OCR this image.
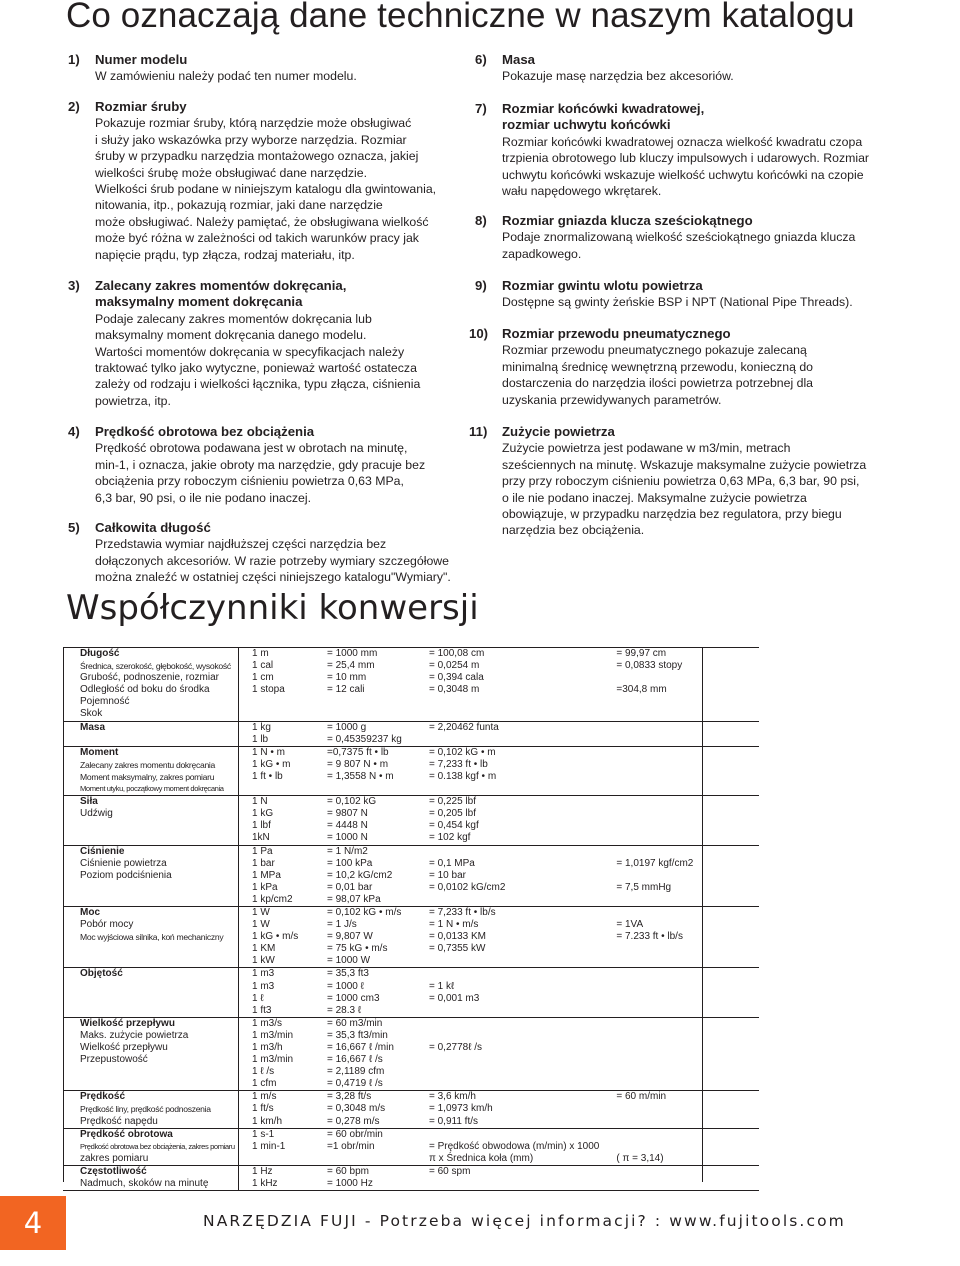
Co oznaczają dane techniczne w naszym katalogu
1) Numer modelu

W zamówieniu należy podać ten numer modelu.

2) Rozmiar śruby

Pokazuje rozmiar śruby, którą narzędzie może obsługiwać

i służy jako wskazówka przy wyborze narzędzia. Rozmiar

śruby w przypadku narzędzia montażowego oznacza, jakiej

wielkości śrubę może obsługiwać dane narzędzie.

Wielkości śrub podane w niniejszym katalogu dla gwintowania,

nitowania, itp., pokazują rozmiar, jaki dane narzędzie

może obsługiwać. Należy pamiętać, że obsługiwana wielkość

może być różna w zależności od takich warunków pracy jak

napięcie prądu, typ złącza, rodzaj materiału, itp.

3) Zalecany zakres momentów dokręcania,
maksymalny moment dokręcania

Podaje zalecany zakres momentów dokręcania lub

maksymalny moment dokręcania danego modelu.

Wartości momentów dokręcania w specyfikacjach należy

traktować tylko jako wytyczne, ponieważ wartość ostatecza

zależy od rodzaju i wielkości łącznika, typu złącza, ciśnienia

powietrza, itp.

4) Prędkość obrotowa bez obciążenia

Prędkość obrotowa podawana jest w obrotach na minutę,

min-1, i oznacza, jakie obroty ma narzędzie, gdy pracuje bez

obciążenia przy roboczym ciśnieniu powietrza 0,63 MPa,

6,3 bar, 90 psi, o ile nie podano inaczej.

5) Całkowita długość

Przedstawia wymiar najdłuższej części narzędzia bez

dołączonych akcesoriów. W razie potrzeby wymiary szczegółowe

można znaleźć w ostatniej części niniejszego katalogu"Wymiary".

6) Masa

Pokazuje masę narzędzia bez akcesoriów.

7) Rozmiar końcówki kwadratowej,
rozmiar uchwytu końcówki

Rozmiar końcówki kwadratowej oznacza wielkość kwadratu czopa

trzpienia obrotowego lub kluczy impulsowych i udarowych. Rozmiar

uchwytu końcówki wskazuje wielkość uchwytu końcówki na czopie

wału napędowego wkrętarek.

8) Rozmiar gniazda klucza sześciokątnego

Podaje znormalizowaną wielkość sześciokątnego gniazda klucza

zapadkowego.

9) Rozmiar gwintu wlotu powietrza

Dostępne są gwinty żeńskie BSP i NPT (National Pipe Threads).

10) Rozmiar przewodu pneumatycznego

Rozmiar przewodu pneumatycznego pokazuje zalecaną

minimalną średnicę wewnętrzną przewodu, konieczną do

dostarczenia do narzędzia ilości powietrza potrzebnej dla

uzyskania przewidywanych parametrów.

11) Zużycie powietrza

Zużycie powietrza jest podawane w m3/min, metrach

sześciennych na minutę. Wskazuje maksymalne zużycie powietrza

przy przy roboczym ciśnieniu powietrza 0,63 MPa, 6,3 bar, 90 psi,

o ile nie podano inaczej. Maksymalne zużycie powietrza

obowiązuje, w przypadku narzędzia bez regulatora, przy biegu

narzędzia bez obciążenia.

Współczynniki konwersji
Długość	1 m	= 1000 mm	= 100,08 cm	= 99,97 cm
Średnica, szerokość, głębokość, wysokość	1 cal	= 25,4 mm	= 0,0254 m	= 0,0833 stopy
Grubość, podnoszenie, rozmiar	1 cm	= 10 mm	= 0,394 cala	
Odległość od boku do środka	1 stopa	= 12 cali	= 0,3048 m	=304,8 mm
Pojemność				
Skok				
Masa	1 kg	= 1000 g	= 2,20462 funta	
	1 lb	= 0,45359237 kg		
Moment	1 N • m	=0,7375 ft • lb	= 0,102 kG • m	
Zalecany zakres momentu dokręcania	1 kG • m	= 9 807 N • m	= 7,233 ft • lb	
Moment maksymalny, zakres pomiaru	1 ft • lb	= 1,3558 N • m	= 0.138 kgf • m	
Moment utyku, początkowy moment dokręcania				
Siła	1 N	= 0,102 kG	= 0,225 lbf	
Udźwig	1 kG	= 9807 N	= 0,205 lbf	
	1 lbf	= 4448 N	= 0,454 kgf	
	1kN	= 1000 N	= 102 kgf	
Ciśnienie	1 Pa	= 1 N/m2		
Ciśnienie powietrza	1 bar	= 100 kPa	= 0,1 MPa	= 1,0197 kgf/cm2
Poziom podciśnienia	1 MPa	= 10,2 kG/cm2	= 10 bar	
	1 kPa	= 0,01 bar	= 0,0102 kG/cm2	= 7,5 mmHg
	1 kp/cm2	= 98,07 kPa		
Moc	1 W	= 0,102 kG • m/s	= 7,233 ft • lb/s	
Pobór mocy	1 W	= 1 J/s	= 1 N • m/s	= 1VA
Moc wyjściowa silnika, koń mechaniczny	1 kG • m/s	= 9,807 W	= 0,0133 KM	= 7.233 ft • lb/s
	1 KM	= 75 kG • m/s	= 0,7355 kW	
	1 kW	= 1000 W		
Objętość	1 m3	= 35,3 ft3		
	1 m3	= 1000 ℓ	= 1 kℓ	
	1 ℓ	= 1000 cm3	= 0,001 m3	
	1 ft3	= 28.3 ℓ		
Wielkość przepływu	1 m3/s	= 60 m3/min		
Maks. zużycie powietrza	1 m3/min	= 35,3 ft3/min		
Wielkość przepływu	1 m3/h	= 16,667 ℓ /min	= 0,2778ℓ /s	
Przepustowość	1 m3/min	= 16,667 ℓ /s		
	1 ℓ /s	= 2,1189 cfm		
	1 cfm	= 0,4719 ℓ /s		
Prędkość	1 m/s	= 3,28 ft/s	= 3,6 km/h	= 60 m/min
Prędkość liny, prędkość podnoszenia	1 ft/s	= 0,3048 m/s	= 1,0973 km/h	
Prędkość napędu	1 km/h	= 0,278 m/s	= 0,911 ft/s	
Prędkość obrotowa	1 s-1	= 60 obr/min		
Prędkość obrotowa bez obciążenia, zakres pomiaru	1 min-1	=1 obr/min	= Prędkość obwodowa (m/min) x 1000	
zakres pomiaru			π x Średnica koła (mm)	( π = 3,14)
Częstotliwość	1 Hz	= 60 bpm	= 60 spm	
Nadmuch, skoków na minutę	1 kHz	= 1000 Hz		
4	NARZĘDZIA FUJI - Potrzeba więcej informacji? : www.fujitools.com
